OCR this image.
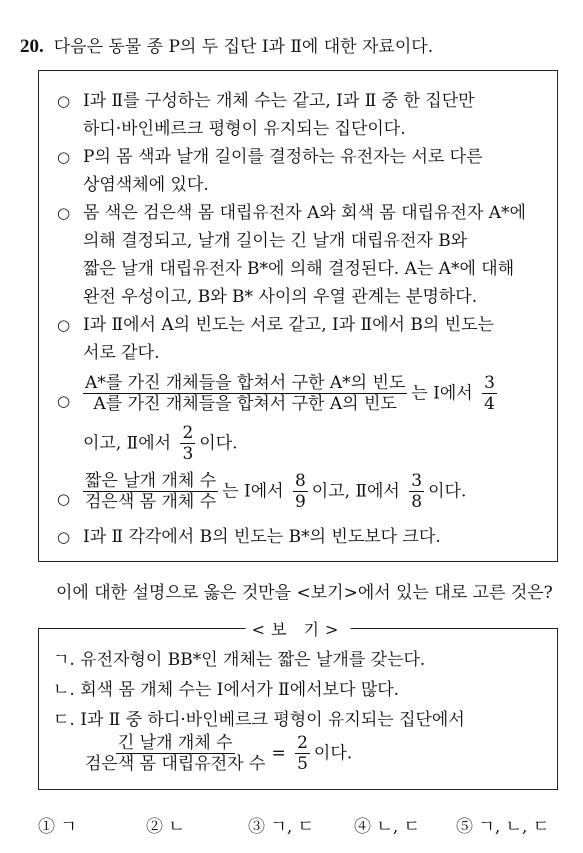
20. 다음은 동물 종 P의 두 집단 Ⅰ과 Ⅱ에 대한 자료이다.
○ Ⅰ과 Ⅱ를 구성하는 개체 수는 같고, Ⅰ과 Ⅱ 중 한 집단만
하디·바인베르크 평형이 유지되는 집단이다.
○ P의 몸 색과 날개 길이를 결정하는 유전자는 서로 다른
상염색체에 있다.
○ 몸 색은 검은색 몸 대립유전자 A와 회색 몸 대립유전자 A*에
의해 결정되고, 날개 길이는 긴 날개 대립유전자 B와
짧은 날개 대립유전자 B*에 의해 결정된다. A는 A*에 대해
완전 우성이고, B와 B* 사이의 우열 관계는 분명하다.
○ Ⅰ과 Ⅱ에서 A의 빈도는 서로 같고, Ⅰ과 Ⅱ에서 B의 빈도는
서로 같다.
○ $\frac{\text{A*를 가진 개체들을 합쳐서 구한 A*의 빈도}}{\text{A를 가진 개체들을 합쳐서 구한 A의 빈도}}$ 는 Ⅰ에서 $\frac{3}{4}$
이고, Ⅱ에서 $\frac{2}{3}$ 이다.
○ $\frac{\text{짧은 날개 개체 수}}{\text{검은색 몸 개체 수}}$ 는 Ⅰ에서 $\frac{8}{9}$ 이고, Ⅱ에서 $\frac{3}{8}$ 이다.
○ Ⅰ과 Ⅱ 각각에서 B의 빈도는 B*의 빈도보다 크다.
이에 대한 설명으로 옳은 것만을 <보기>에서 있는 대로 고른 것은?
<보 기>
ㄱ. 유전자형이 BB*인 개체는 짧은 날개를 갖는다.
ㄴ. 회색 몸 개체 수는 Ⅰ에서가 Ⅱ에서보다 많다.
ㄷ. Ⅰ과 Ⅱ 중 하디·바인베르크 평형이 유지되는 집단에서
$\frac{\text{긴 날개 개체 수}}{\text{검은색 몸 대립유전자 수}} = \frac{2}{5}$ 이다.
① ㄱ	② ㄴ	③ ㄱ, ㄷ ④ ㄴ, ㄷ ⑤ ㄱ, ㄴ, ㄷ
